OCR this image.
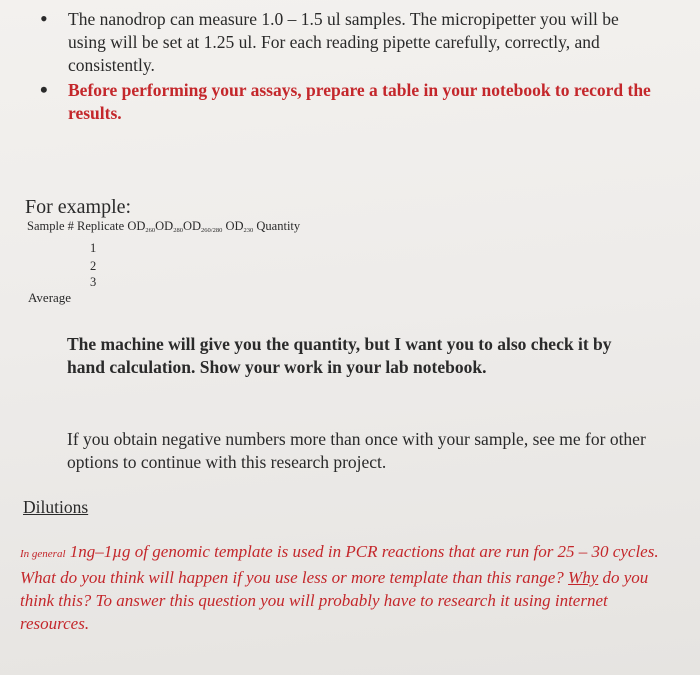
• The nanodrop can measure 1.0 – 1.5 ul samples. The micropipetter you will be using will be set at 1.25 ul. For each reading pipette carefully, correctly, and consistently.
• Before performing your assays, prepare a table in your notebook to record the results.
For example:
Sample # Replicate $OD_{260}OD_{280}OD_{260/280}$ $OD_{230}$ Quantity
1
2
3
Average
The machine will give you the quantity, but I want you to also check it by hand calculation. Show your work in your lab notebook.
If you obtain negative numbers more than once with your sample, see me for other options to continue with this research project.
Dilutions
In general 1ng–1µg of genomic template is used in PCR reactions that are run for 25 – 30 cycles. What do you think will happen if you use less or more template than this range? Why do you think this? To answer this question you will probably have to research it using internet resources.
